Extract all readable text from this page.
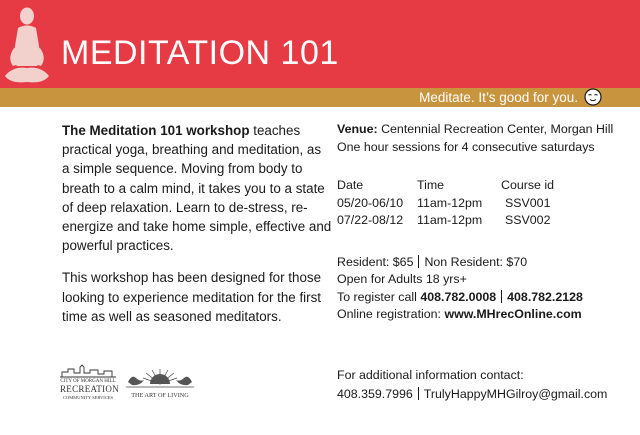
MEDITATION 101
Meditate. It’s good for you.

The Meditation 101 workshop teaches practical yoga, breathing and meditation, as a simple sequence. Moving from body to breath to a calm mind, it takes you to a state of deep relaxation. Learn to de-stress, re-energize and take home simple, effective and powerful practices.

This workshop has been designed for those looking to experience meditation for the first time as well as seasoned meditators.

Venue: Centennial Recreation Center, Morgan Hill
One hour sessions for 4 consecutive saturdays
Date	Time	Course id
05/20-06/10	11am-12pm	SSV001
07/22-08/12	11am-12pm	SSV002
Resident: $65 Non Resident: $70
Open for Adults 18 yrs+
To register call 408.782.0008 408.782.2128
Online registration: www.MHrecOnline.com
For additional information contact:
408.359.7996 TrulyHappyMHGilroy@gmail.com
CITY OF MORGAN HILL
RECREATION
COMMUNITY SERVICES	THE ART OF LIVING
